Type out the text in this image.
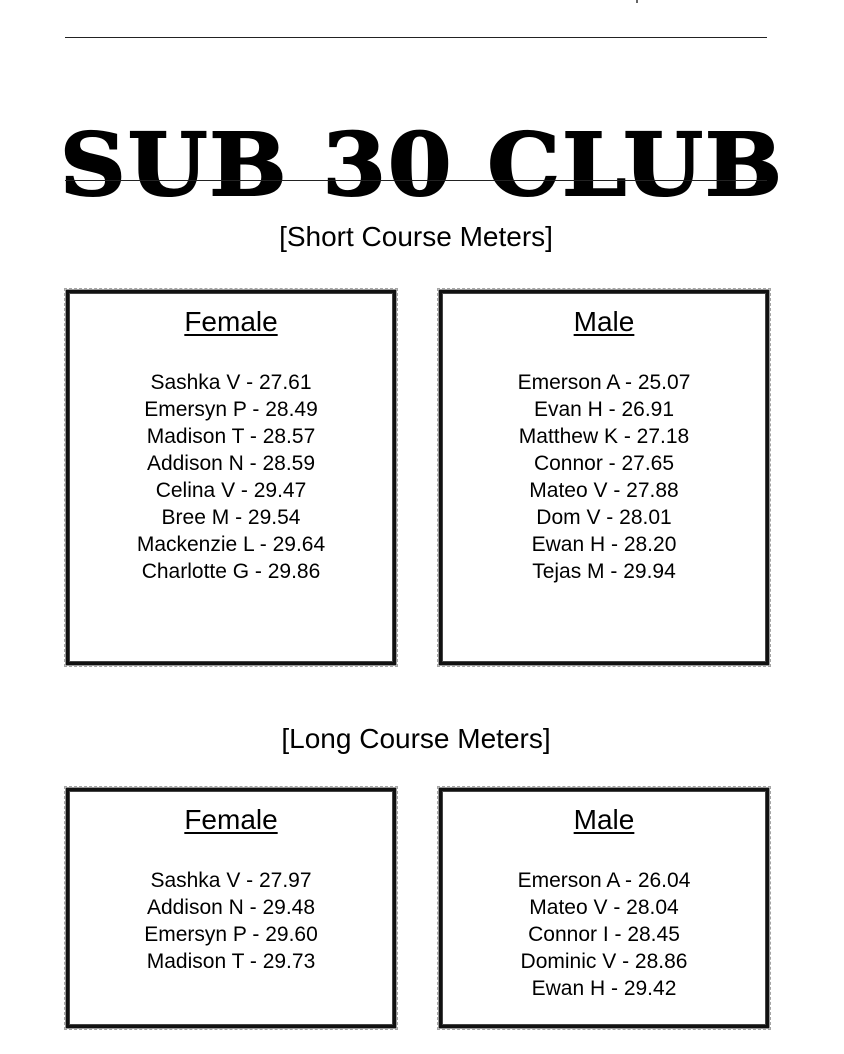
SUB 30 CLUB
[Short Course Meters]
Female
Sashka V - 27.61
Emersyn P - 28.49
Madison T - 28.57
Addison N - 28.59
Celina V - 29.47
Bree M - 29.54
Mackenzie L - 29.64
Charlotte G - 29.86
Male
Emerson A - 25.07
Evan H - 26.91
Matthew K - 27.18
Connor - 27.65
Mateo V - 27.88
Dom V - 28.01
Ewan H - 28.20
Tejas M - 29.94
[Long Course Meters]
Female
Sashka V - 27.97
Addison N - 29.48
Emersyn P - 29.60
Madison T - 29.73
Male
Emerson A - 26.04
Mateo V - 28.04
Connor I - 28.45
Dominic V - 28.86
Ewan H - 29.42
